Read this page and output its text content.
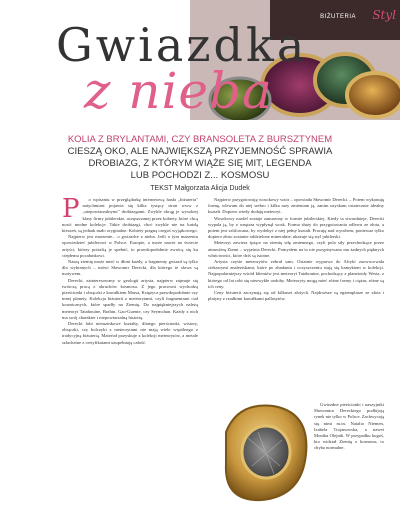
BIŻUTERIA Styl
Gwiazdka
z nieba
KOLIA Z BRYLANTAMI, CZY BRANSOLETA Z BURSZTYNEM
CIESZĄ OKO, ALE NAJWIĘKSZĄ PRZYJEMNOŚĆ SPRAWIA
DROBIAZG, Z KTÓRYM WIĄŻE SIĘ MIT, LEGENDA
LUB POCHODZI Z... KOSMOSU
TEKST Małgorzata Alicja Dudek
P	o wpisaniu w przeglądarkę internetową hasła „biżuteria" natychmiast pojawia się kilka tysięcy stron www z „niepowtarzalnymi" drobiazgami. Zwykle okrąg je wysokiej klasy firmy jubilerskie, uczęszczanej przez kobiety, które chcą nosić modne kolekcje. Takie drobiazgi, choć zwykle nie na każdą kieszeń, są jednak mało oryginalne. Kobiety pragną czegoś wyjątkowego.

Najpierw jest marzenie... o gwiazdce z nieba. Jeśli o tym marzeniu opowiedzieć jubilerowi w Polsce, Europie, a może nawet na świecie artyści, którzy potrafią je spełnić, to prawdopodobnie zwrócą się ku ciepłemu pocałunkowi.

Naszą ziemię może mieć w dłoni każdy, a fragmenty gwiazd są tylko dla wybranych – mówi Sławomir Derecki, dla którego te słowa są motywem.

Derecki, zainteresowany w geologii artysta, najpierw zajmuje się twórczą pracą z okruchów kosmosu. Z jego pracowni wychodzą pierścionki i obrączki z kawałkiem Marsa, Księżyca prawdopodobnie czy innej planety. Kolekcja biżuterii z meteorytami, czyli fragmentami ciał kosmicznych, które spadły na Ziemię. Do najpiękniejszych należą meteoryt Tatahouine, Brahin, Gao-Guenie, czy Seymchan. Każdy z nich ma swój charakter i niepowtarzalną historię.

Derecki lubi nietuzinkowe kształty, dlatego pierścionki, wisiory, obrączki, czy kolczyki z meteorytami nie mają wiele wspólnego z tradycyjną biżuterią. Materiał pozyskuje z kolekcji meteorytów, a metale szlachetne z certyfikatami uzupełniają całość.

Najpierw przygotowuję wosokowy wzór – opowiada Sławomir Derecki. – Potem wykonuję formę, wlewam do niej srebro i kilka razy zmieniam ją, zanim uzyskam ostatecznie idealny kształt. Dopiero wtedy dodaję meteoryt.

Wosokowy model zostaje zanurzony w formie jubilerskiej. Kiedy ta stwardnieje, Derecki wypala ją, by z wnętrza wypłynął wosk. Forma służy do przygotowania odlewu ze złota, a potem jest szlifowana, by wydobyć z niej pełny kształt. Pracuję nad wyrobem, ponieważ tylko dopiero złoto zostanie oddzielone mineralnie, ukazuje się styl jubilerski.

Meteoryt zawiera śpiące na ziemię siłę zmiennego, czyli pola siły przechodzące przez atmosferę Ziemi – wyjaśnia Derecki. Pomysłem na to nie przypisywano mu żadnych pięknych właściwości, które dziś są istotne.

Artysta czyste meteorytów zebrał sam. Ostatnie wyprawa do Afryki zaowocowała ciekawymi znaleziskami, które po zbadaniu i oczyszczeniu stają się kamykiem w kolekcji. Najpopularniejszy wśród klientów jest meteoryt Tatahouine, pochodzący z planetoidy Westa, z którego od lat robi się niezwykłe ozdoby. Meteoryty mogą mieć różne formy i ciężar, różne są ich ceny.

Ceny biżuterii zaczynają się od kilkuset złotych. Najdroższe są egzemplarze ze złota i platyny z rzadkimi kawałkami pallasytów.

Gwiezdne pierścionki i naszyjniki Sławomira Dereckiego podbijają rynek nie tylko w Polsce. Zachwycają się nimi m.in. Natalia Niemen, Izabela Trojanowska, a nawet Monika Olejnik. W przypadku kogoś, kto widział Ziemię z kosmosu, to chyba normalne.
